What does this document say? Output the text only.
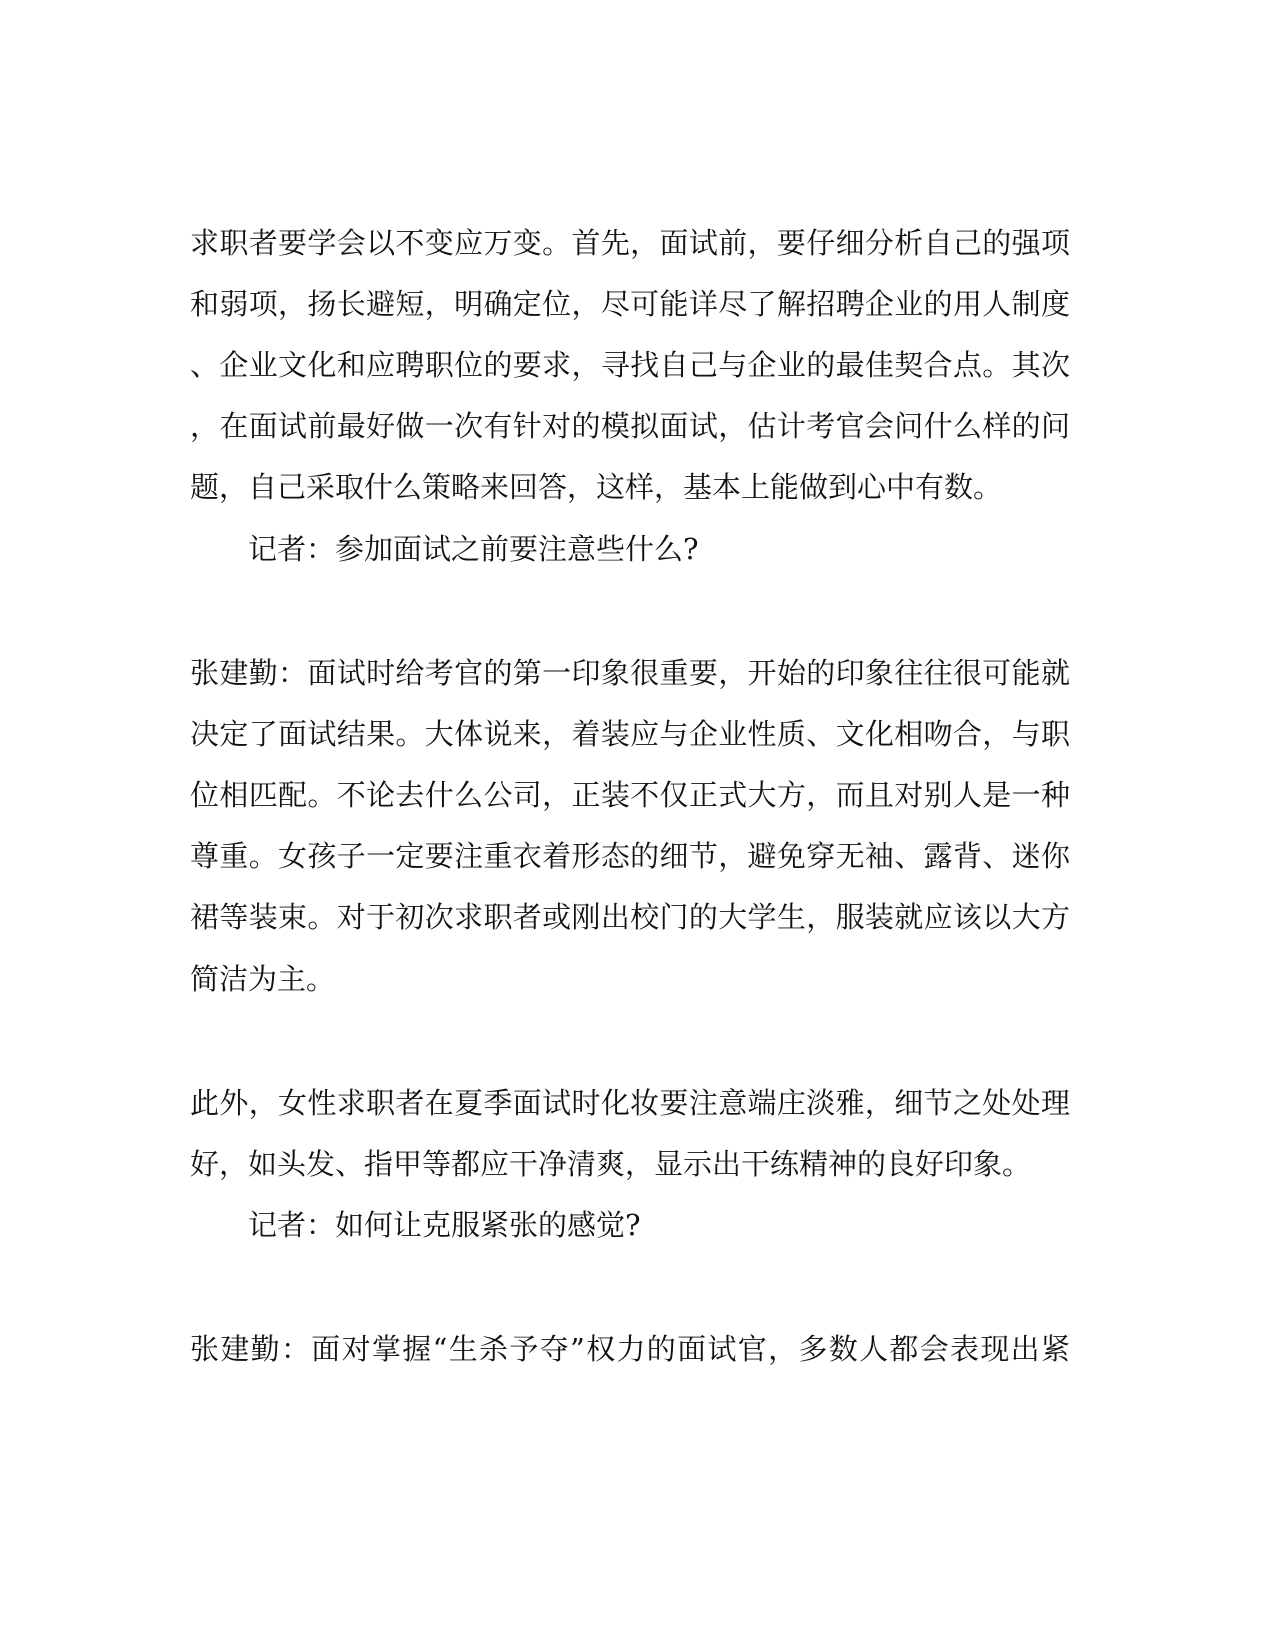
求职者要学会以不变应万变。首先，面试前，要仔细分析自己的强项
和弱项，扬长避短，明确定位，尽可能详尽了解招聘企业的用人制度
、企业文化和应聘职位的要求，寻找自己与企业的最佳契合点。其次
，在面试前最好做一次有针对的模拟面试，估计考官会问什么样的问
题，自己采取什么策略来回答，这样，基本上能做到心中有数。
记者：参加面试之前要注意些什么?
张建勤：面试时给考官的第一印象很重要，开始的印象往往很可能就
决定了面试结果。大体说来，着装应与企业性质、文化相吻合，与职
位相匹配。不论去什么公司，正装不仅正式大方，而且对别人是一种
尊重。女孩子一定要注重衣着形态的细节，避免穿无袖、露背、迷你
裙等装束。对于初次求职者或刚出校门的大学生，服装就应该以大方
简洁为主。
此外，女性求职者在夏季面试时化妆要注意端庄淡雅，细节之处处理
好，如头发、指甲等都应干净清爽，显示出干练精神的良好印象。
记者：如何让克服紧张的感觉?
张建勤：面对掌握“生杀予夺”权力的面试官，多数人都会表现出紧
